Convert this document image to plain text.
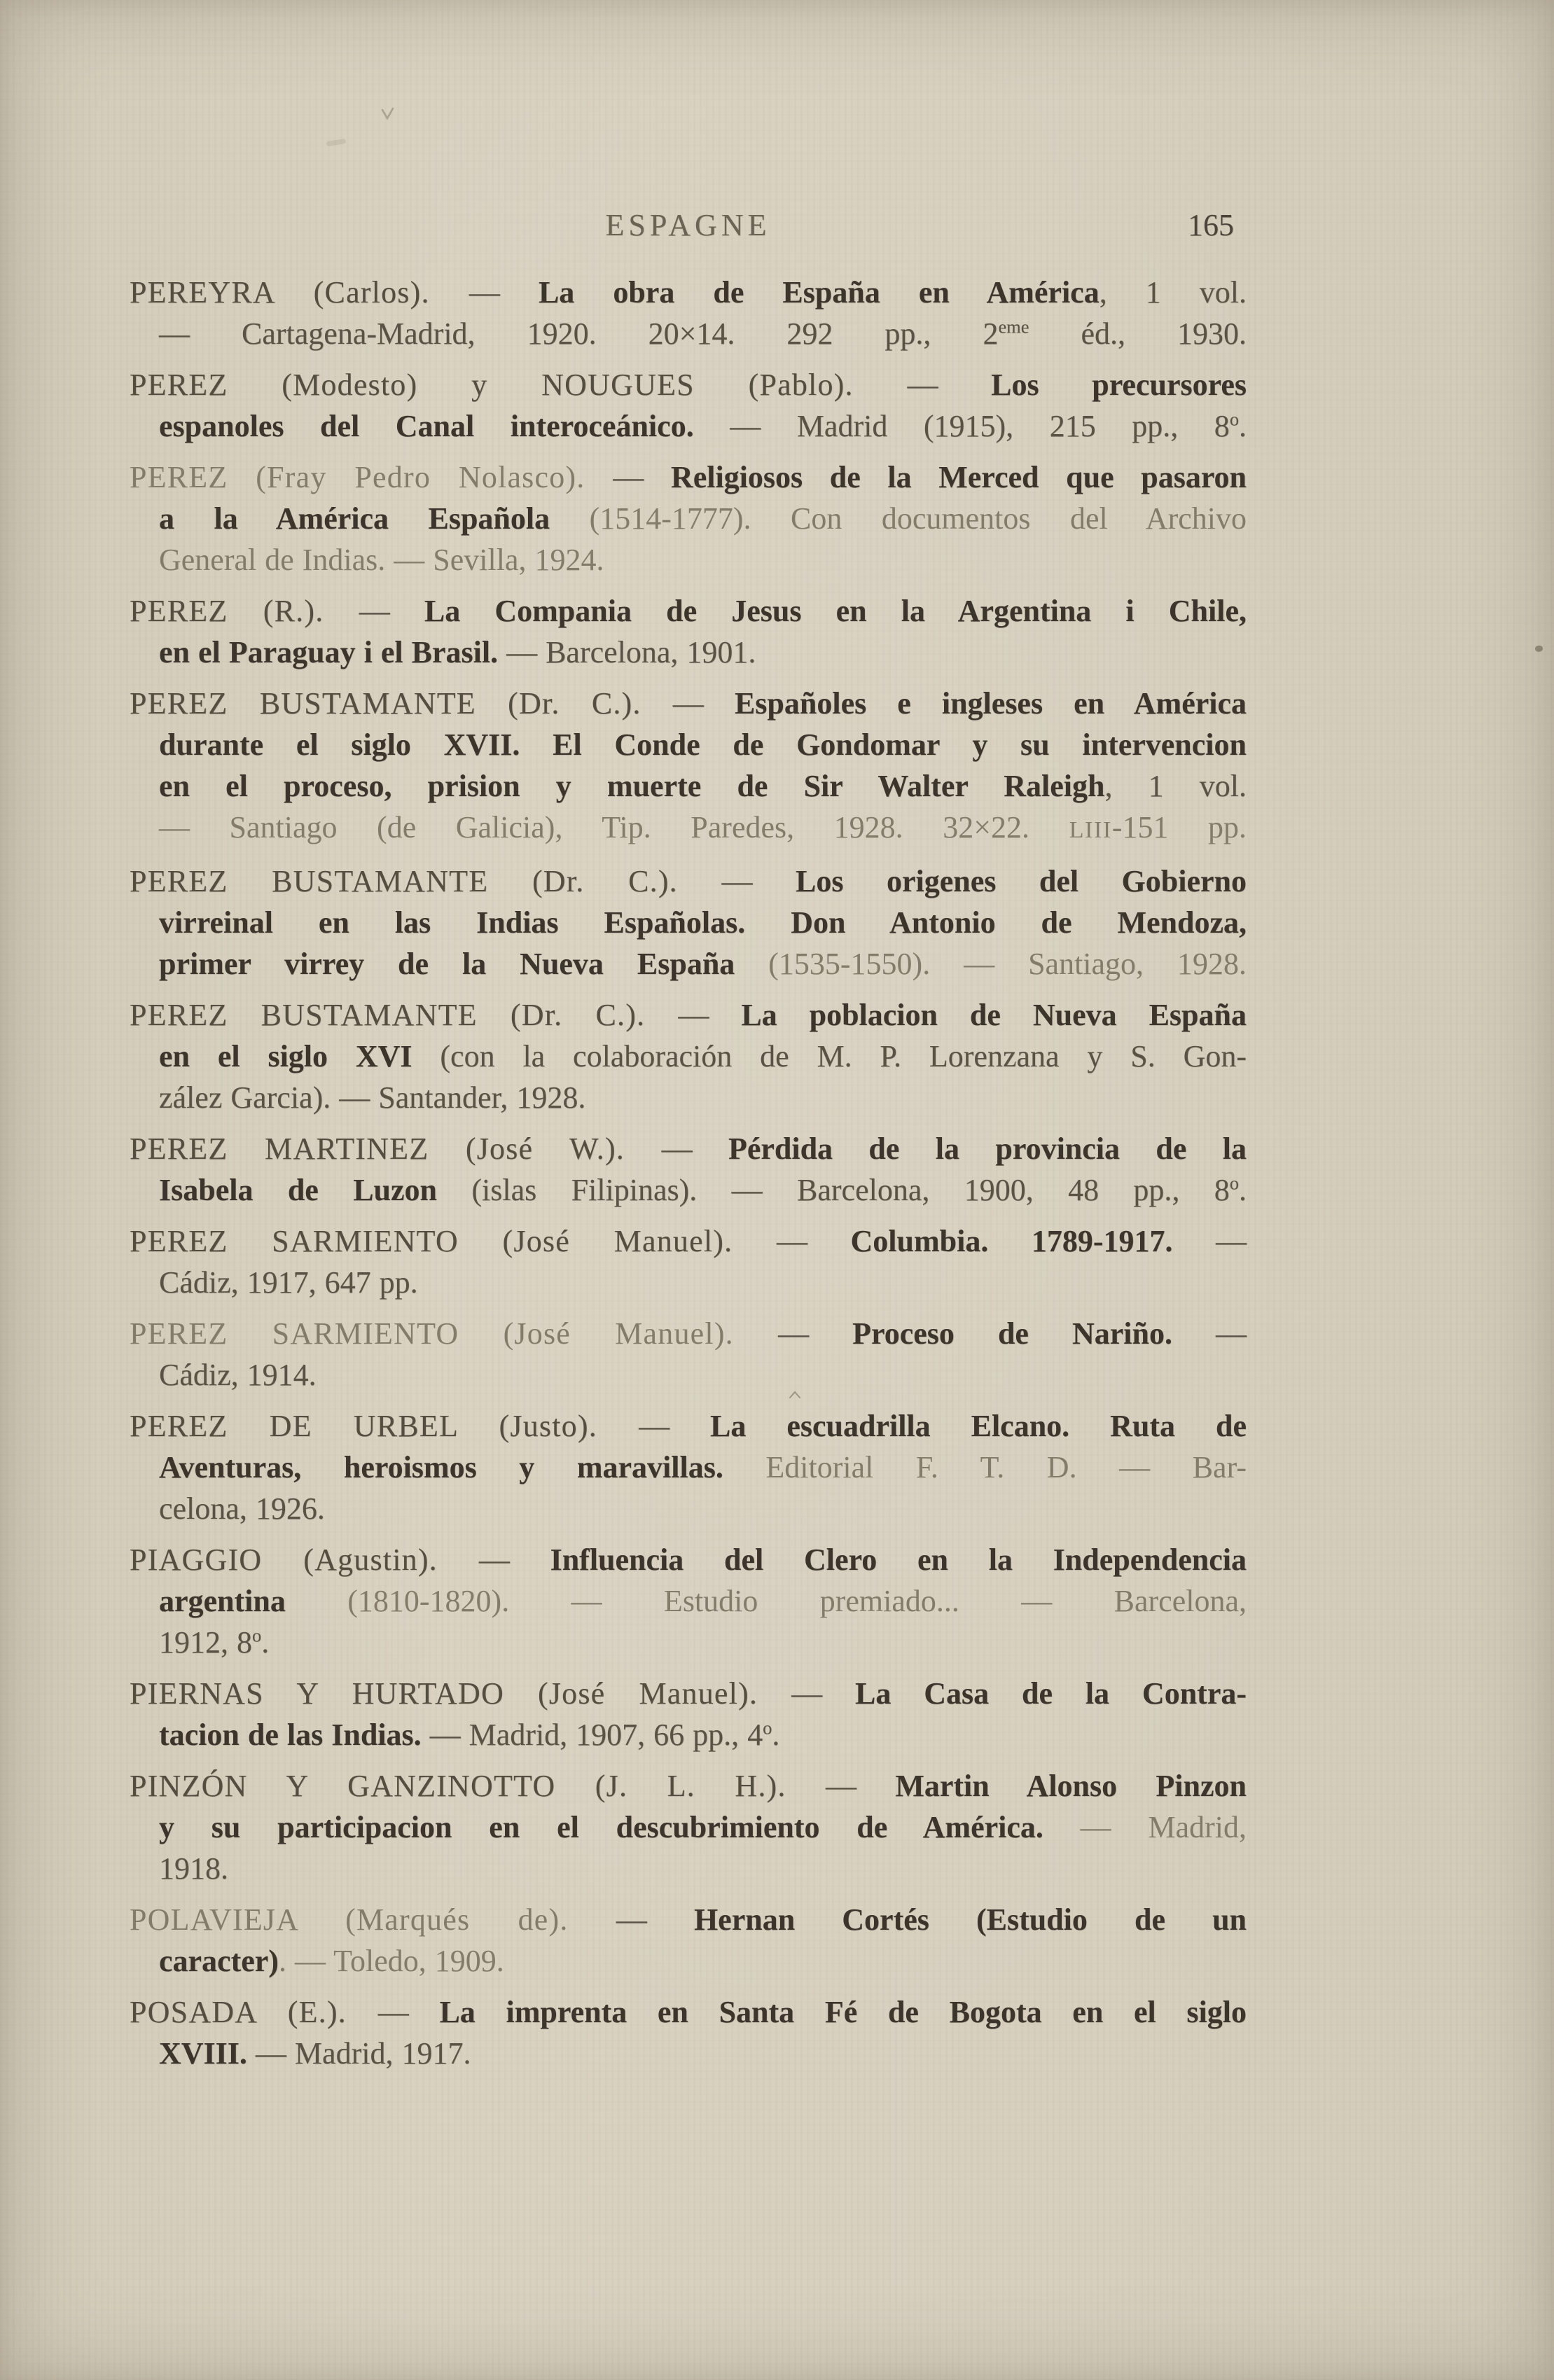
ESPAGNE	165
PEREYRA (Carlos). — La obra de España en América, 1 vol.
— Cartagena-Madrid, 1920. 20×14. 292 pp., 2eme éd., 1930.
PEREZ (Modesto) y NOUGUES (Pablo). — Los precursores
espanoles del Canal interoceánico. — Madrid (1915), 215 pp., 8$^o$.
PEREZ (Fray Pedro Nolasco). — Religiosos de la Merced que pasaron
a la América Española (1514-1777). Con documentos del Archivo
General de Indias. — Sevilla, 1924.
PEREZ (R.). — La Compania de Jesus en la Argentina i Chile,
en el Paraguay i el Brasil. — Barcelona, 1901.
PEREZ BUSTAMANTE (Dr. C.). — Españoles e ingleses en América
durante el siglo XVII. El Conde de Gondomar y su intervencion
en el proceso, prision y muerte de Sir Walter Raleigh, 1 vol.
— Santiago (de Galicia), Tip. Paredes, 1928. 32×22. LIII-151 pp.
PEREZ BUSTAMANTE (Dr. C.). — Los origenes del Gobierno
virreinal en las Indias Españolas. Don Antonio de Mendoza,
primer virrey de la Nueva España (1535-1550). — Santiago, 1928.
PEREZ BUSTAMANTE (Dr. C.). — La poblacion de Nueva España
en el siglo XVI (con la colaboración de M. P. Lorenzana y S. Gon-
zález Garcia). — Santander, 1928.
PEREZ MARTINEZ (José W.). — Pérdida de la provincia de la
Isabela de Luzon (islas Filipinas). — Barcelona, 1900, 48 pp., 8$^o$.
PEREZ SARMIENTO (José Manuel). — Columbia. 1789-1917. —
Cádiz, 1917, 647 pp.
PEREZ SARMIENTO (José Manuel). — Proceso de Nariño. —
Cádiz, 1914.
PEREZ DE URBEL (Justo). — La escuadrilla Elcano. Ruta de
Aventuras, heroismos y maravillas. Editorial F. T. D. — Bar-
celona, 1926.
PIAGGIO (Agustin). — Influencia del Clero en la Independencia
argentina (1810-1820). — Estudio premiado... — Barcelona,
1912, 8$^o$.
PIERNAS Y HURTADO (José Manuel). — La Casa de la Contra-
tacion de las Indias. — Madrid, 1907, 66 pp., 4$^o$.
PINZÓN Y GANZINOTTO (J. L. H.). — Martin Alonso Pinzon
y su participacion en el descubrimiento de América. — Madrid,
1918.
POLAVIEJA (Marqués de). — Hernan Cortés (Estudio de un
caracter). — Toledo, 1909.
POSADA (E.). — La imprenta en Santa Fé de Bogota en el siglo
XVIII. — Madrid, 1917.
